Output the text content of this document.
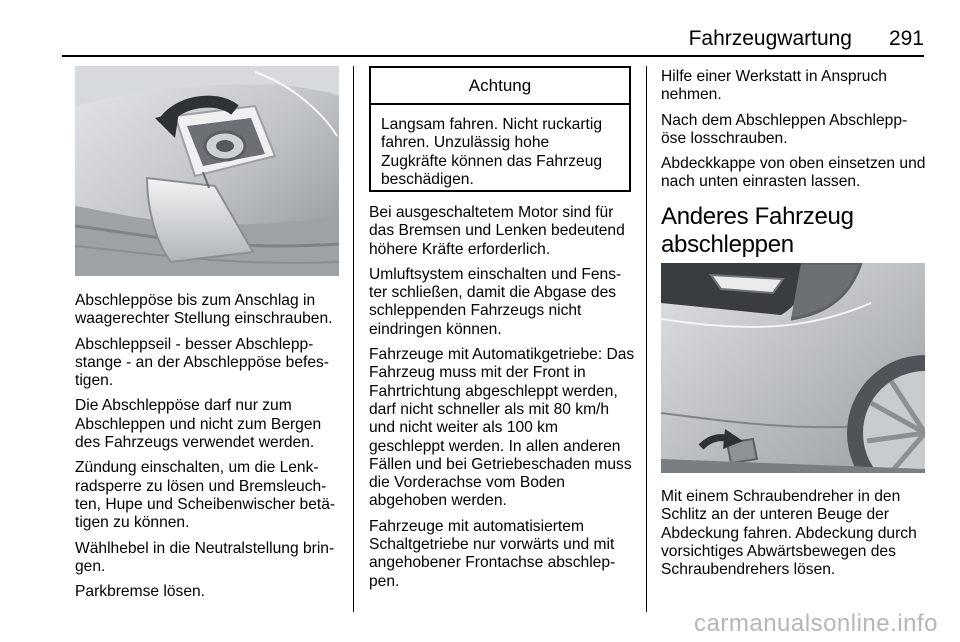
Fahrzeugwartung 291

Abschleppöse bis zum Anschlag in waagerechter Stellung einschrauben.

Abschleppseil - besser Abschlepp-stange - an der Abschleppöse befes-tigen.

Die Abschleppöse darf nur zum Abschleppen und nicht zum Bergen des Fahrzeugs verwendet werden.

Zündung einschalten, um die Lenk-radsperre zu lösen und Bremsleuch-ten, Hupe und Scheibenwischer betä-tigen zu können.

Wählhebel in die Neutralstellung brin-gen.

Parkbremse lösen.

Achtung
Langsam fahren. Nicht ruckartig fahren. Unzulässig hohe Zugkräfte können das Fahrzeug beschädigen.

Bei ausgeschaltetem Motor sind für das Bremsen und Lenken bedeutend höhere Kräfte erforderlich.

Umluftsystem einschalten und Fens-ter schließen, damit die Abgase des schleppenden Fahrzeugs nicht eindringen können.

Fahrzeuge mit Automatikgetriebe: Das Fahrzeug muss mit der Front in Fahrtrichtung abgeschleppt werden, darf nicht schneller als mit 80 km/h und nicht weiter als 100 km geschleppt werden. In allen anderen Fällen und bei Getriebeschaden muss die Vorderachse vom Boden abgehoben werden.

Fahrzeuge mit automatisiertem Schaltgetriebe nur vorwärts und mit angehobener Frontachse abschlep-pen.

Hilfe einer Werkstatt in Anspruch nehmen.

Nach dem Abschleppen Abschlepp-öse losschrauben.

Abdeckkappe von oben einsetzen und nach unten einrasten lassen.

Anderes Fahrzeug abschleppen

Mit einem Schraubendreher in den Schlitz an der unteren Beuge der Abdeckung fahren. Abdeckung durch vorsichtiges Abwärtsbewegen des Schraubendrehers lösen.

carmanualsonline.info
